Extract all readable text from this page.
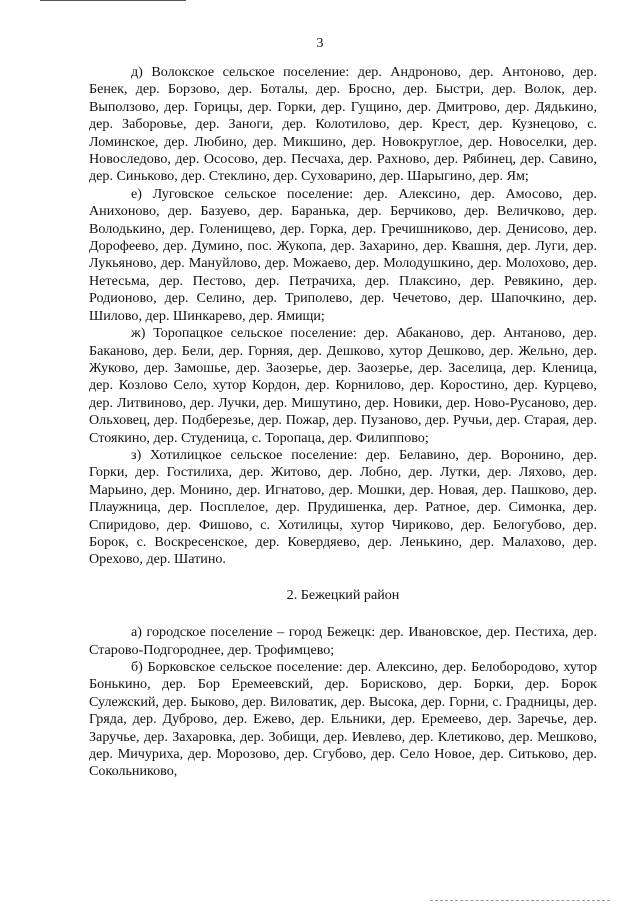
3

д) Волокское сельское поселение: дер. Андроново, дер. Антоново, дер. Бенек, дер. Борзово, дер. Боталы, дер. Бросно, дер. Быстри, дер. Волок, дер. Выползово, дер. Горицы, дер. Горки, дер. Гущино, дер. Дмитрово, дер. Дядькино, дер. Заборовье, дер. Заноги, дер. Колотилово, дер. Крест, дер. Кузнецово, с. Ломинское, дер. Любино, дер. Микшино, дер. Новокруглое, дер. Новоселки, дер. Новоследово, дер. Ососово, дер. Песчаха, дер. Рахново, дер. Рябинец, дер. Савино, дер. Синьково, дер. Стеклино, дер. Суховарино, дер. Шарыгино, дер. Ям;

е) Луговское сельское поселение: дер. Алексино, дер. Амосово, дер. Анихоново, дер. Базуево, дер. Баранька, дер. Берчиково, дер. Величково, дер. Володькино, дер. Голенищево, дер. Горка, дер. Гречишниково, дер. Денисово, дер. Дорофеево, дер. Думино, пос. Жукопа, дер. Захарино, дер. Квашня, дер. Луги, дер. Лукьяново, дер. Мануйлово, дер. Можаево, дер. Молодушкино, дер. Молохово, дер. Нетесьма, дер. Пестово, дер. Петрачиха, дер. Плаксино, дер. Ревякино, дер. Родионово, дер. Селино, дер. Триполево, дер. Чечетово, дер. Шапочкино, дер. Шилово, дер. Шинкарево, дер. Ямищи;

ж) Торопацкое сельское поселение: дер. Абаканово, дер. Антаново, дер. Баканово, дер. Бели, дер. Горняя, дер. Дешково, хутор Дешково, дер. Жельно, дер. Жуково, дер. Замошье, дер. Заозерье, дер. Заозерье, дер. Заселица, дер. Кленица, дер. Козлово Село, хутор Кордон, дер. Корнилово, дер. Коростино, дер. Курцево, дер. Литвиново, дер. Лучки, дер. Мишутино, дер. Новики, дер. Ново-Русаново, дер. Ольховец, дер. Подберезье, дер. Пожар, дер. Пузаново, дер. Ручьи, дер. Старая, дер. Стоякино, дер. Студеница, с. Торопаца, дер. Филиппово;

з) Хотилицкое сельское поселение: дер. Белавино, дер. Воронино, дер. Горки, дер. Гостилиха, дер. Житово, дер. Лобно, дер. Лутки, дер. Ляхово, дер. Марьино, дер. Монино, дер. Игнатово, дер. Мошки, дер. Новая, дер. Пашково, дер. Плаужница, дер. Посплелое, дер. Прудишенка, дер. Ратное, дер. Симонка, дер. Спиридово, дер. Фишово, с. Хотилицы, хутор Чириково, дер. Белогубово, дер. Борок, с. Воскресенское, дер. Ковердяево, дер. Ленькино, дер. Малахово, дер. Орехово, дер. Шатино.

2. Бежецкий район

а) городское поселение – город Бежецк: дер. Ивановское, дер. Пестиха, дер. Старово-Подгороднее, дер. Трофимцево;

б) Борковское сельское поселение: дер. Алексино, дер. Белобородово, хутор Бонькино, дер. Бор Еремеевский, дер. Борисково, дер. Борки, дер. Борок Сулежский, дер. Быково, дер. Виловатик, дер. Высока, дер. Горни, с. Градницы, дер. Гряда, дер. Дуброво, дер. Ежево, дер. Ельники, дер. Еремеево, дер. Заречье, дер. Заручье, дер. Захаровка, дер. Зобищи, дер. Иевлево, дер. Клетиково, дер. Мешково, дер. Мичуриха, дер. Морозово, дер. Сгубово, дер. Село Новое, дер. Ситьково, дер. Сокольниково,
